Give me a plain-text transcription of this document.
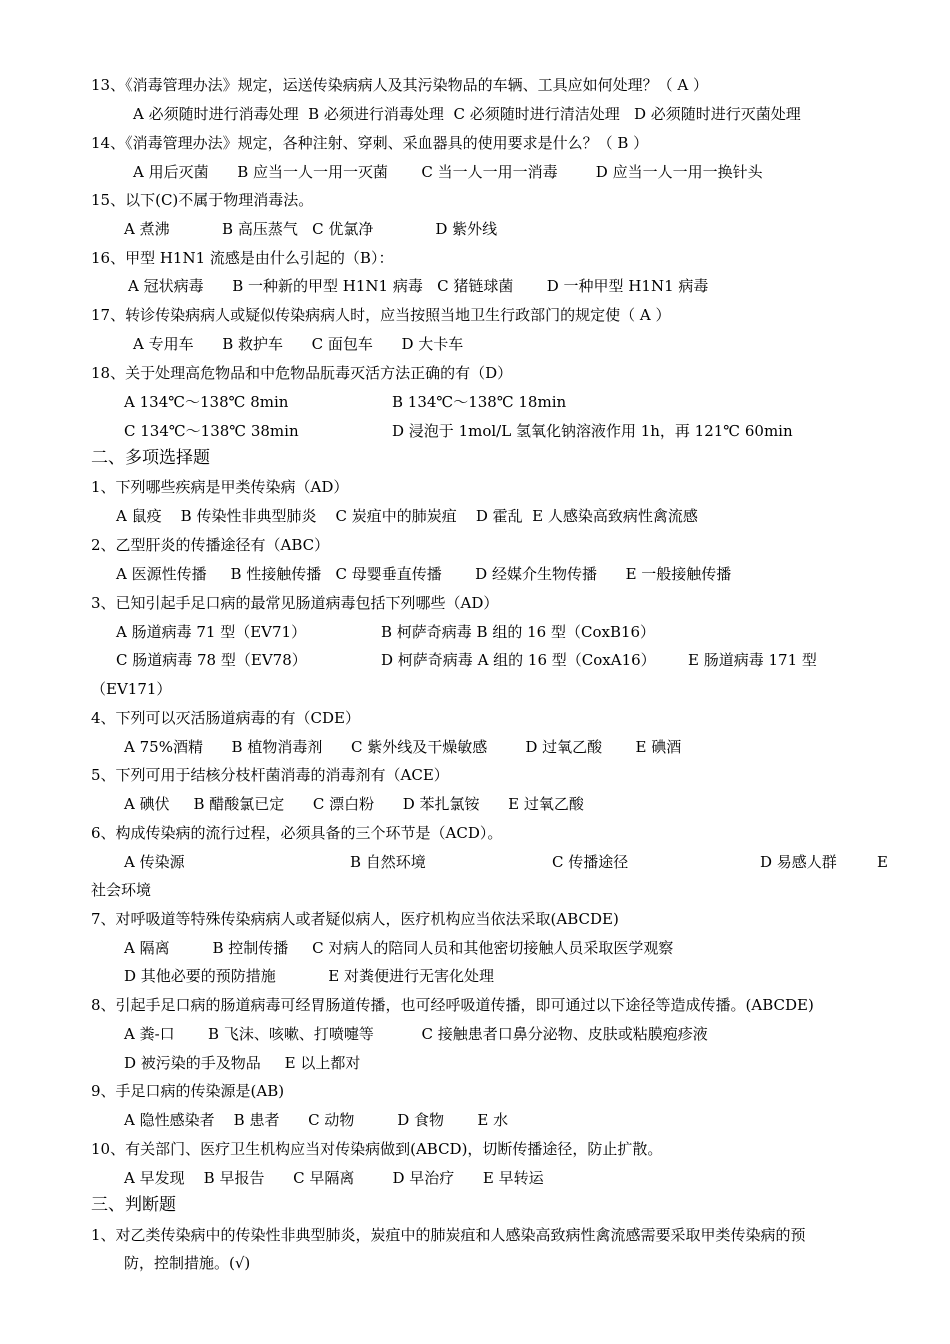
13、《消毒管理办法》规定，运送传染病病人及其污染物品的车辆、工具应如何处理？（ A ）
A 必须随时进行消毒处理  B 必须进行消毒处理  C 必须随时进行清洁处理   D 必须随时进行灭菌处理
14、《消毒管理办法》规定，各种注射、穿刺、采血器具的使用要求是什么？（ B ）
A 用后灭菌      B 应当一人一用一灭菌       C 当一人一用一消毒        D 应当一人一用一换针头
15、以下(C)不属于物理消毒法。
A 煮沸           B 高压蒸气   C 优氯净             D 紫外线
16、甲型 H1N1 流感是由什么引起的（B）：
A 冠状病毒      B 一种新的甲型 H1N1 病毒   C 猪链球菌       D 一种甲型 H1N1 病毒
17、转诊传染病病人或疑似传染病病人时，应当按照当地卫生行政部门的规定使（ A ）
A 专用车      B 救护车      C 面包车      D 大卡车
18、关于处理高危物品和中危物品朊毒灭活方法正确的有（D）
A 134℃～138℃ 8min	B 134℃～138℃ 18min
C 134℃～138℃ 38min	D 浸泡于 1mol/L 氢氧化钠溶液作用 1h，再 121℃ 60min
二、多项选择题
1、下列哪些疾病是甲类传染病（AD）
A 鼠疫    B 传染性非典型肺炎    C 炭疽中的肺炭疽    D 霍乱  E 人感染高致病性禽流感
2、乙型肝炎的传播途径有（ABC）
A 医源性传播     B 性接触传播   C 母婴垂直传播       D 经媒介生物传播      E 一般接触传播
3、已知引起手足口病的最常见肠道病毒包括下列哪些（AD）
A 肠道病毒 71 型（EV71）	B 柯萨奇病毒 B 组的 16 型（CoxB16）
C 肠道病毒 78 型（EV78）	D 柯萨奇病毒 A 组的 16 型（CoxA16） E 肠道病毒 171 型
（EV171）
4、下列可以灭活肠道病毒的有（CDE）
A 75%酒精      B 植物消毒剂      C 紫外线及干燥敏感        D 过氧乙酸       E 碘酒
5、下列可用于结核分枝杆菌消毒的消毒剂有（ACE）
A 碘伏     B 醋酸氯已定      C 漂白粉      D 苯扎氯铵      E 过氧乙酸
6、构成传染病的流行过程，必须具备的三个环节是（ACD）。
A 传染源	B 自然环境	C 传播途径	D 易感人群	E
社会环境
7、对呼吸道等特殊传染病病人或者疑似病人，医疗机构应当依法采取(ABCDE)
A 隔离         B 控制传播     C 对病人的陪同人员和其他密切接触人员采取医学观察
D 其他必要的预防措施           E 对粪便进行无害化处理
8、引起手足口病的肠道病毒可经胃肠道传播，也可经呼吸道传播，即可通过以下途径等造成传播。(ABCDE)
A 粪-口       B 飞沫、咳嗽、打喷嚏等          C 接触患者口鼻分泌物、皮肤或粘膜疱疹液
D 被污染的手及物品     E 以上都对
9、手足口病的传染源是(AB)
A 隐性感染者    B 患者      C 动物         D 食物       E 水
10、有关部门、医疗卫生机构应当对传染病做到(ABCD)，切断传播途径，防止扩散。
A 早发现    B 早报告      C 早隔离        D 早治疗      E 早转运
三、判断题
1、对乙类传染病中的传染性非典型肺炎，炭疽中的肺炭疽和人感染高致病性禽流感需要采取甲类传染病的预
防，控制措施。(√)
